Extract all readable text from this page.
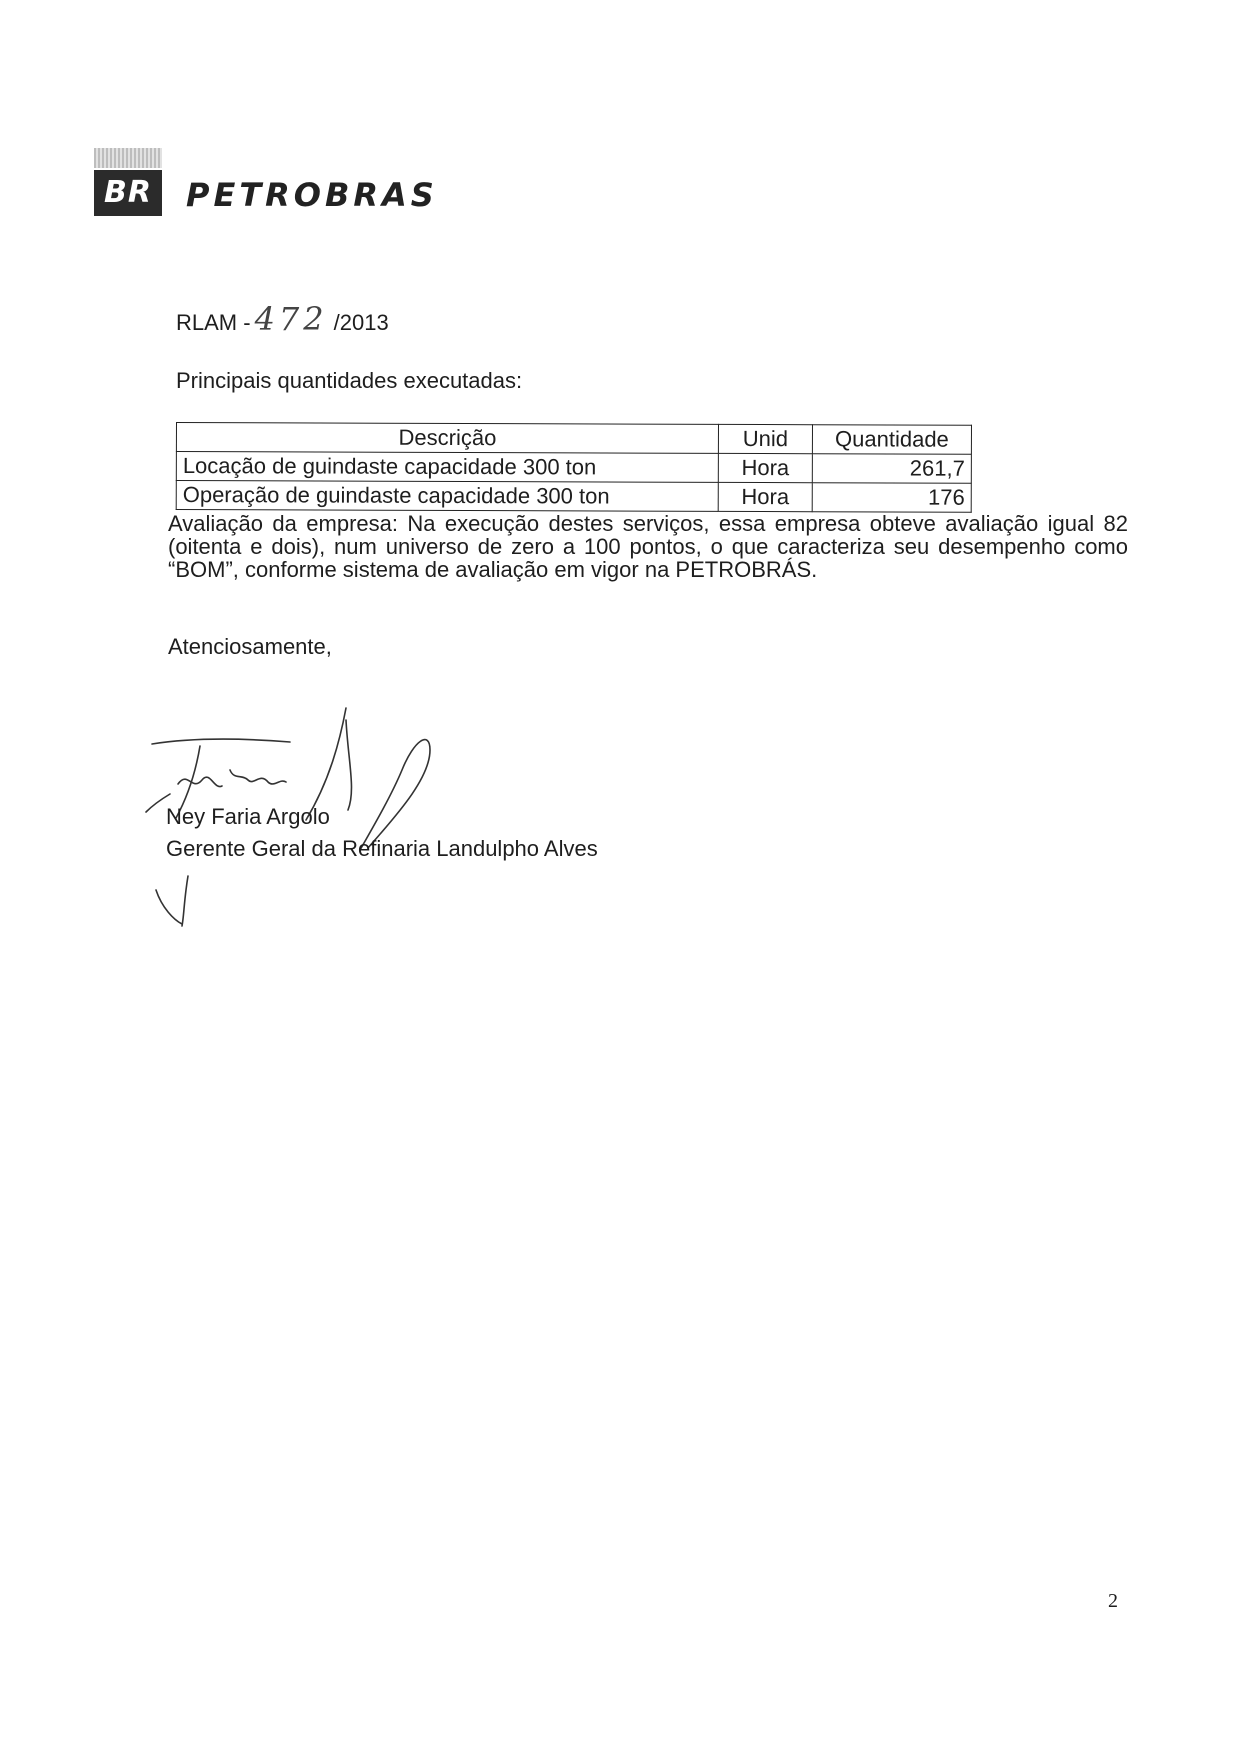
BR	PETROBRAS
RLAM - 472 /2013
Principais quantidades executadas:
Descrição	Unid	Quantidade
Locação de guindaste capacidade 300 ton	Hora	261,7
Operação de guindaste capacidade 300 ton	Hora	176
Avaliação da empresa: Na execução destes serviços, essa empresa obteve avaliação igual 82 (oitenta e dois), num universo de zero a 100 pontos, o que caracteriza seu desempenho como “BOM”, conforme sistema de avaliação em vigor na PETROBRÁS.
Atenciosamente,
Ney Faria Argolo
Gerente Geral da Refinaria Landulpho Alves
2
